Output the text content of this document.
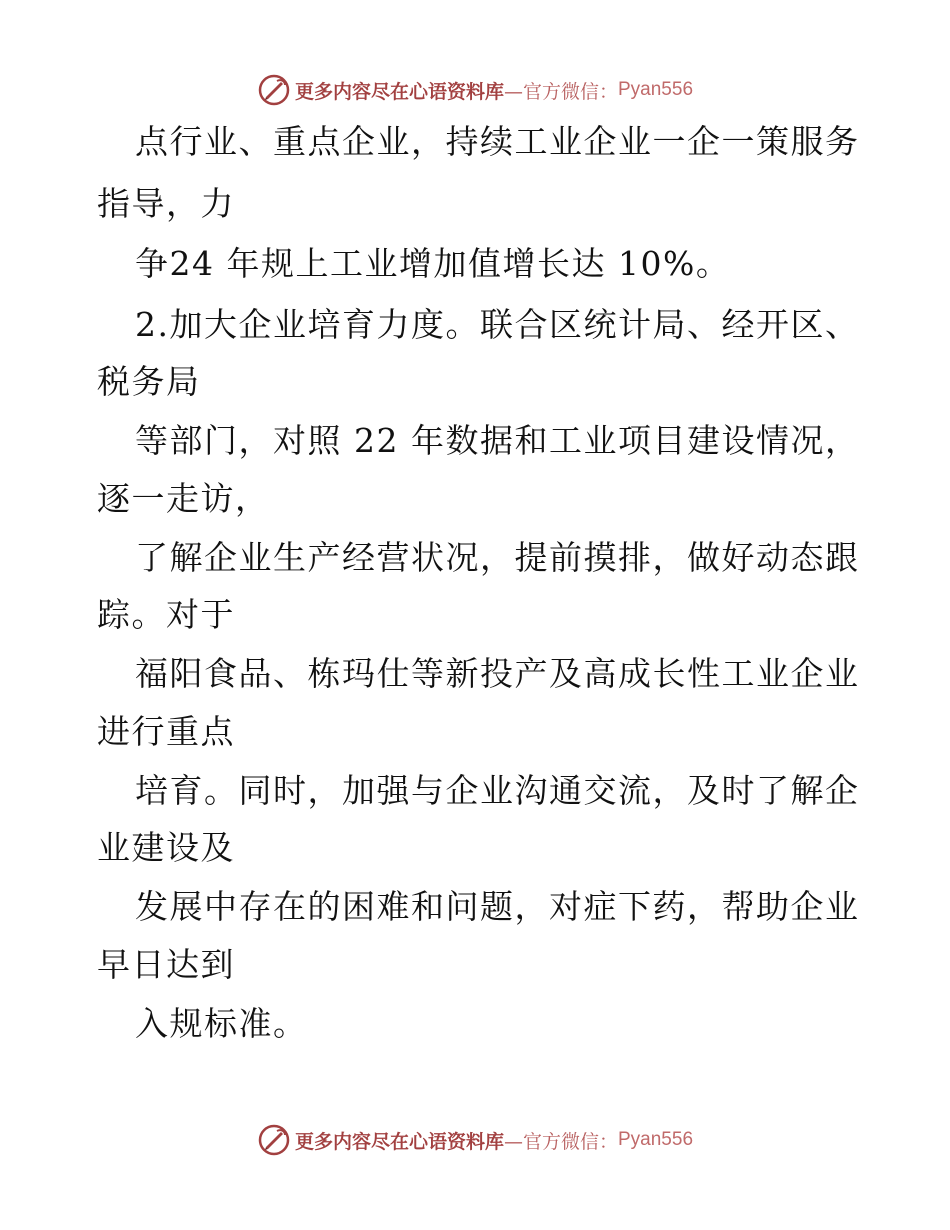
更多内容尽在心语资料库 —官方微信： Pyan556
点行业、重点企业，持续工业企业一企一策服务
指导，力
争24 年规上工业增加值增长达 10%。
2.加大企业培育力度。联合区统计局、经开区、
税务局
等部门，对照 22 年数据和工业项目建设情况，
逐一走访，
了解企业生产经营状况，提前摸排，做好动态跟
踪。对于
福阳食品、栋玛仕等新投产及高成长性工业企业
进行重点
培育。同时，加强与企业沟通交流，及时了解企
业建设及
发展中存在的困难和问题，对症下药，帮助企业
早日达到
入规标准。
更多内容尽在心语资料库 —官方微信： Pyan556
